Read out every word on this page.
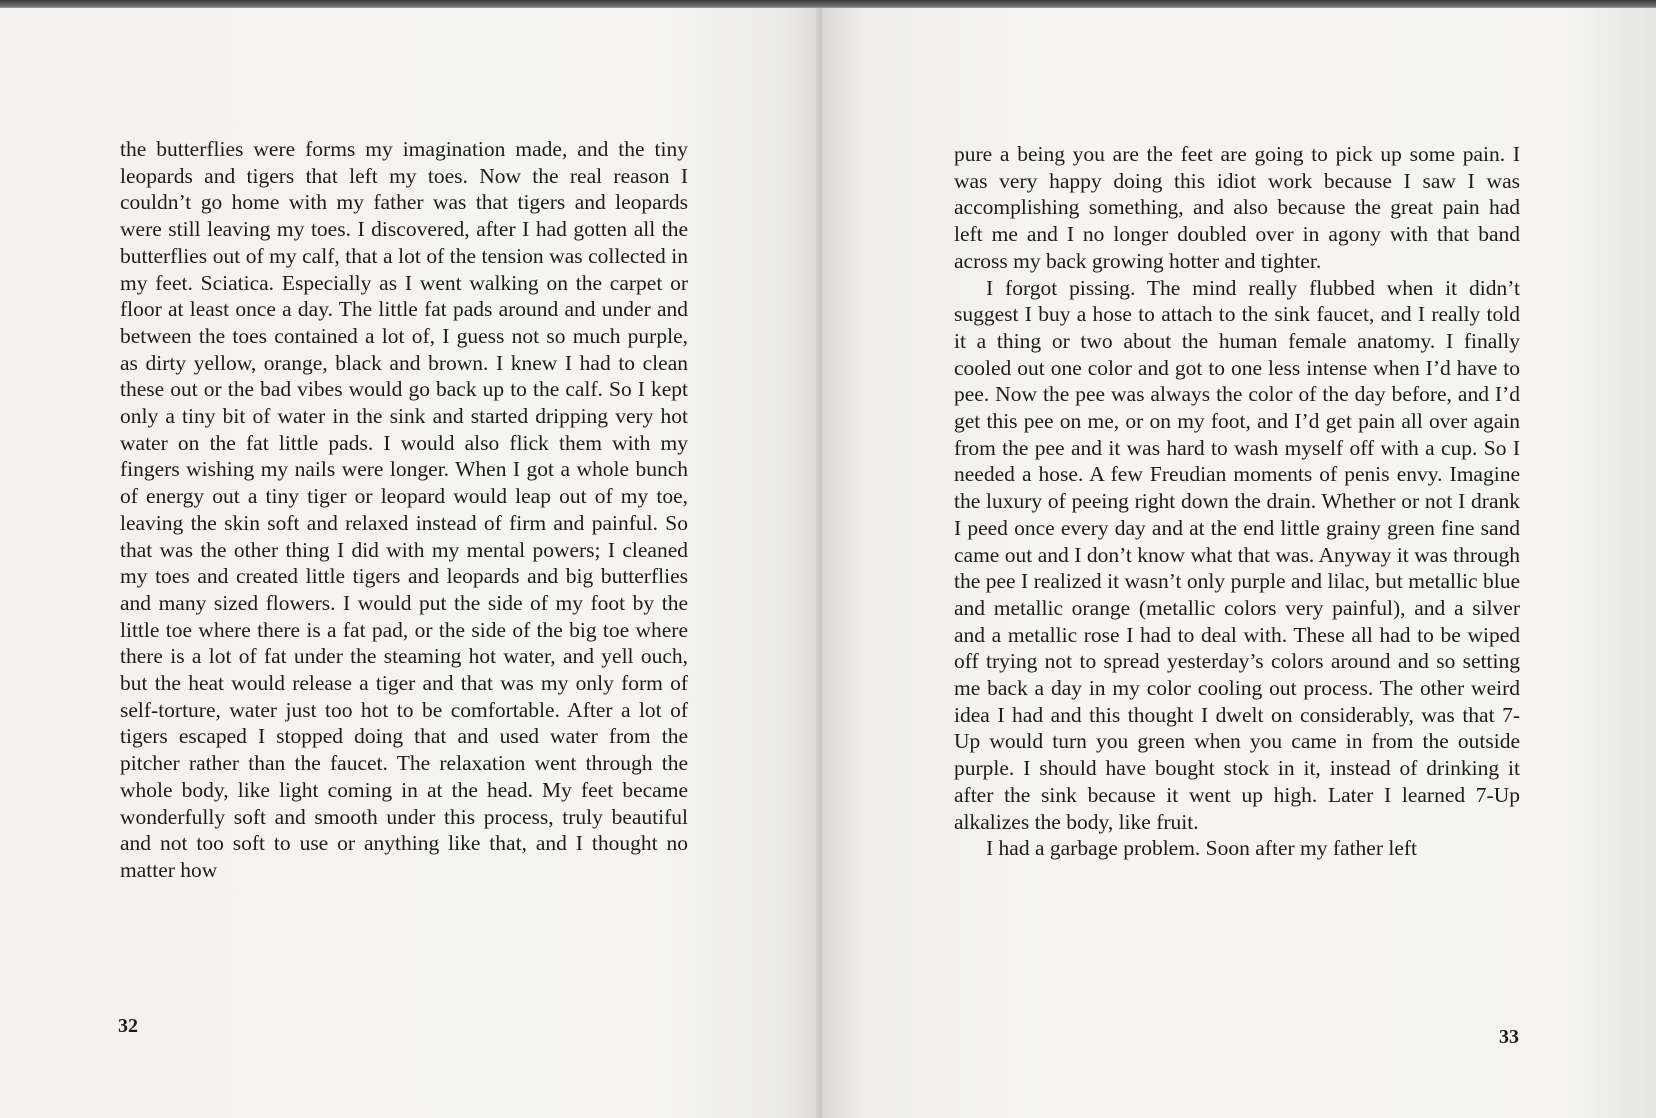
the butterflies were forms my imagination made, and the tiny leopards and tigers that left my toes. Now the real reason I couldn’t go home with my father was that tigers and leopards were still leaving my toes. I discovered, after I had gotten all the butterflies out of my calf, that a lot of the tension was collected in my feet. Sciatica. Especially as I went walking on the carpet or floor at least once a day. The little fat pads around and under and between the toes contained a lot of, I guess not so much purple, as dirty yellow, orange, black and brown. I knew I had to clean these out or the bad vibes would go back up to the calf. So I kept only a tiny bit of water in the sink and started dripping very hot water on the fat little pads. I would also flick them with my fingers wishing my nails were longer. When I got a whole bunch of energy out a tiny tiger or leopard would leap out of my toe, leaving the skin soft and relaxed instead of firm and painful. So that was the other thing I did with my mental powers; I cleaned my toes and created little tigers and leopards and big butterflies and many sized flowers. I would put the side of my foot by the little toe where there is a fat pad, or the side of the big toe where there is a lot of fat under the steaming hot water, and yell ouch, but the heat would release a tiger and that was my only form of self-torture, water just too hot to be comfortable. After a lot of tigers escaped I stopped doing that and used water from the pitcher rather than the faucet. The relaxation went through the whole body, like light coming in at the head. My feet became wonderfully soft and smooth under this process, truly beautiful and not too soft to use or anything like that, and I thought no matter how

32

pure a being you are the feet are going to pick up some pain. I was very happy doing this idiot work because I saw I was accomplishing something, and also because the great pain had left me and I no longer doubled over in agony with that band across my back growing hotter and tighter.

I forgot pissing. The mind really flubbed when it didn’t suggest I buy a hose to attach to the sink faucet, and I really told it a thing or two about the human female anatomy. I finally cooled out one color and got to one less intense when I’d have to pee. Now the pee was always the color of the day before, and I’d get this pee on me, or on my foot, and I’d get pain all over again from the pee and it was hard to wash myself off with a cup. So I needed a hose. A few Freudian moments of penis envy. Imagine the luxury of peeing right down the drain. Whether or not I drank I peed once every day and at the end little grainy green fine sand came out and I don’t know what that was. Anyway it was through the pee I realized it wasn’t only purple and lilac, but metallic blue and metallic orange (metallic colors very painful), and a silver and a metallic rose I had to deal with. These all had to be wiped off trying not to spread yesterday’s colors around and so setting me back a day in my color cooling out process. The other weird idea I had and this thought I dwelt on considerably, was that 7-Up would turn you green when you came in from the outside purple. I should have bought stock in it, instead of drinking it after the sink because it went up high. Later I learned 7-Up alkalizes the body, like fruit.

I had a garbage problem. Soon after my father left

33
